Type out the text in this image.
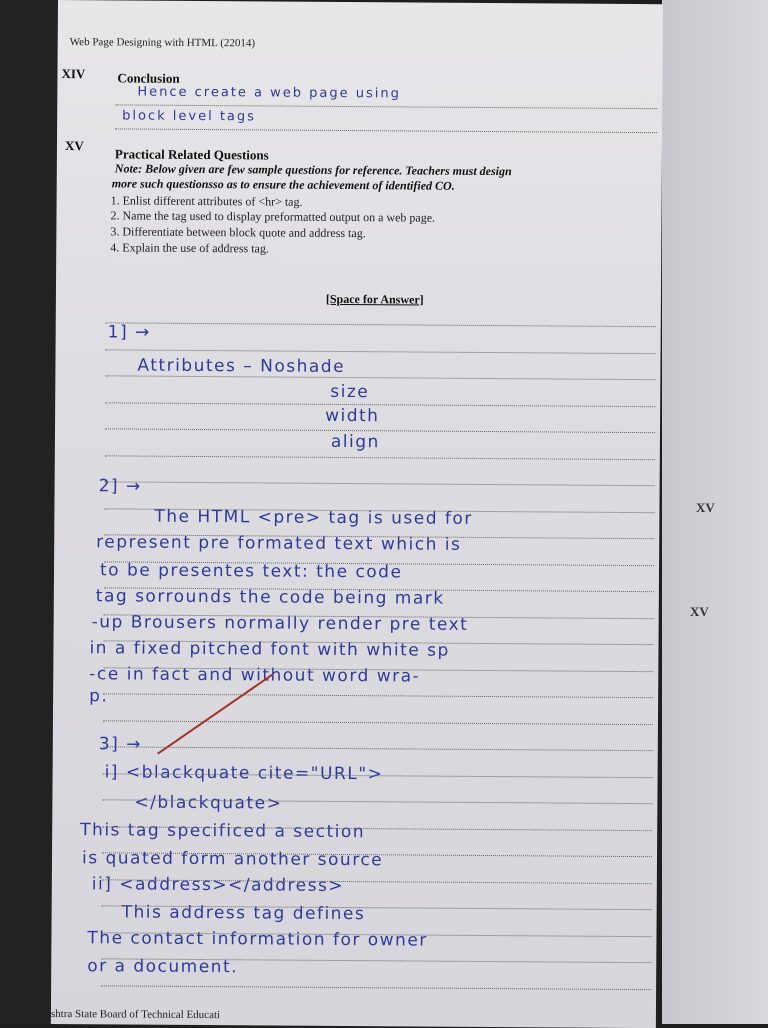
XV
XV
Web Page Designing with HTML (22014)
XIV Conclusion
Hence create a web page using
block level tags
XV
Practical Related Questions
Note: Below given are few sample questions for reference. Teachers must design
more such questionsso as to ensure the achievement of identified CO.
1. Enlist different attributes of <hr> tag.
2. Name the tag used to display preformatted output on a web page.
3. Differentiate between block quote and address tag.
4. Explain the use of address tag.
[Space for Answer]
1] →
Attributes – Noshade
size
width
align
2] →
The HTML <pre> tag is used for
represent pre formated text which is
to be presentes text: the code
tag sorrounds the code being mark
-up Brousers normally render pre text
in a fixed pitched font with white sp
-ce in fact and without word wra-
p.
3] →
i] <blackquate cite="URL">
</blackquate>
This tag specificed a section
is quated form another source
ii] <address></address>
This address tag defines
The contact information for owner
or a document.
shtra State Board of Technical Educati
